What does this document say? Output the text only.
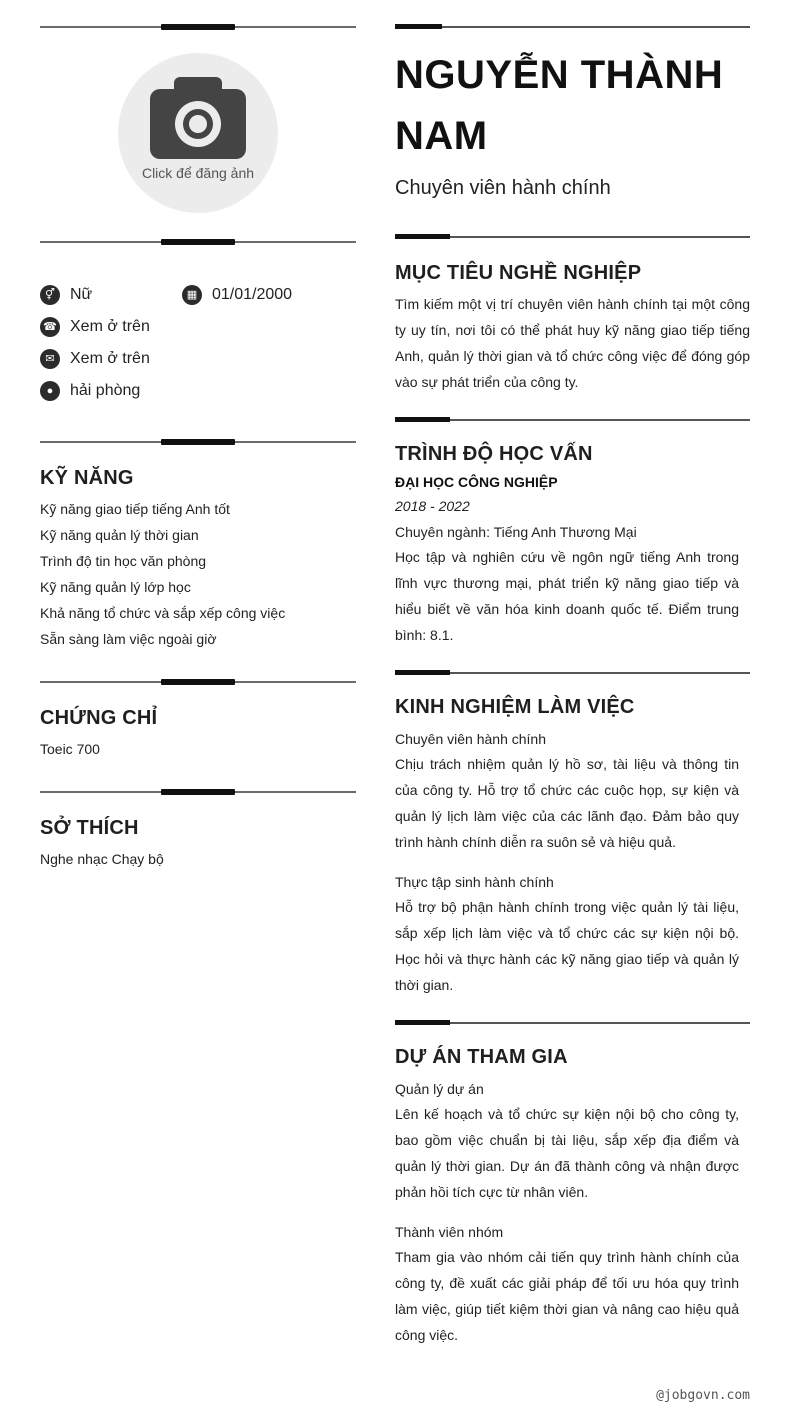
Click để đăng ảnh
⚥ Nữ	▦ 01/01/2000
☎ Xem ở trên
✉ Xem ở trên
●	hải phòng
KỸ NĂNG
Kỹ năng giao tiếp tiếng Anh tốt
Kỹ năng quản lý thời gian
Trình độ tin học văn phòng
Kỹ năng quản lý lớp học
Khả năng tổ chức và sắp xếp công việc
Sẵn sàng làm việc ngoài giờ
CHỨNG CHỈ
Toeic 700
SỞ THÍCH
Nghe nhạc Chạy bộ
NGUYỄN THÀNH
NAM
Chuyên viên hành chính
MỤC TIÊU NGHỀ NGHIỆP
Tìm kiếm một vị trí chuyên viên hành chính tại một công ty uy tín, nơi tôi có thể phát huy kỹ năng giao tiếp tiếng Anh, quản lý thời gian và tổ chức công việc để đóng góp vào sự phát triển của công ty.
TRÌNH ĐỘ HỌC VẤN
ĐẠI HỌC CÔNG NGHIỆP
2018 - 2022
Chuyên ngành: Tiếng Anh Thương Mại
Học tập và nghiên cứu về ngôn ngữ tiếng Anh trong lĩnh vực thương mại, phát triển kỹ năng giao tiếp và hiểu biết về văn hóa kinh doanh quốc tế. Điểm trung bình: 8.1.
KINH NGHIỆM LÀM VIỆC
Chuyên viên hành chính
Chịu trách nhiệm quản lý hồ sơ, tài liệu và thông tin của công ty. Hỗ trợ tổ chức các cuộc họp, sự kiện và quản lý lịch làm việc của các lãnh đạo. Đảm bảo quy trình hành chính diễn ra suôn sẻ và hiệu quả.
Thực tập sinh hành chính
Hỗ trợ bộ phận hành chính trong việc quản lý tài liệu, sắp xếp lịch làm việc và tổ chức các sự kiện nội bộ. Học hỏi và thực hành các kỹ năng giao tiếp và quản lý thời gian.
DỰ ÁN THAM GIA
Quản lý dự án
Lên kế hoạch và tổ chức sự kiện nội bộ cho công ty, bao gồm việc chuẩn bị tài liệu, sắp xếp địa điểm và quản lý thời gian. Dự án đã thành công và nhận được phản hồi tích cực từ nhân viên.
Thành viên nhóm
Tham gia vào nhóm cải tiến quy trình hành chính của công ty, đề xuất các giải pháp để tối ưu hóa quy trình làm việc, giúp tiết kiệm thời gian và nâng cao hiệu quả công việc.
@jobgovn.com
